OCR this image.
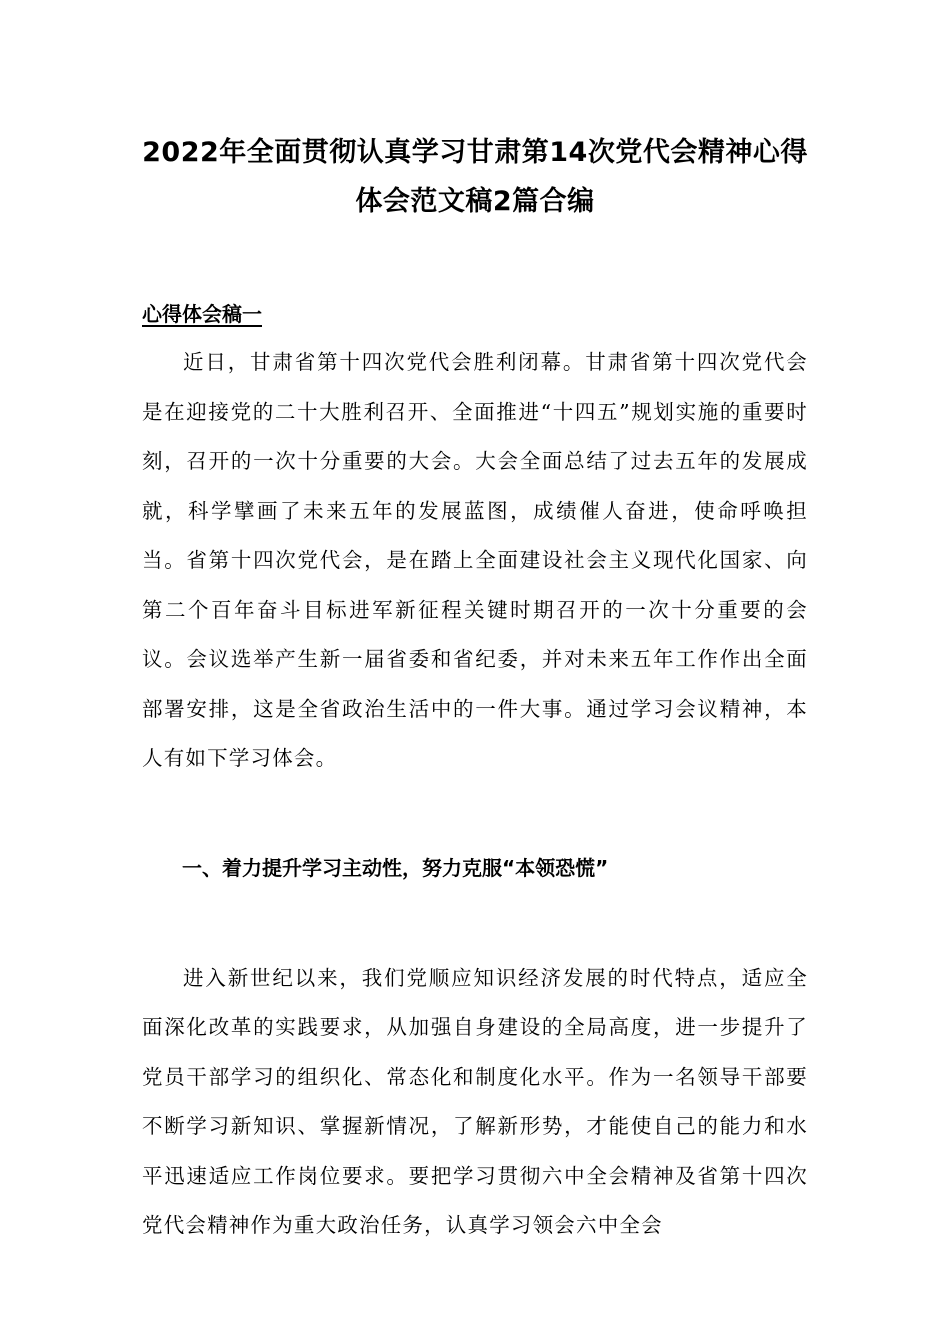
2022年全面贯彻认真学习甘肃第14次党代会精神心得体会范文稿2篇合编
心得体会稿一

近日，甘肃省第十四次党代会胜利闭幕。甘肃省第十四次党代会是在迎接党的二十大胜利召开、全面推进“十四五”规划实施的重要时刻，召开的一次十分重要的大会。大会全面总结了过去五年的发展成就，科学擘画了未来五年的发展蓝图，成绩催人奋进，使命呼唤担当。省第十四次党代会，是在踏上全面建设社会主义现代化国家、向第二个百年奋斗目标进军新征程关键时期召开的一次十分重要的会议。会议选举产生新一届省委和省纪委，并对未来五年工作作出全面部署安排，这是全省政治生活中的一件大事。通过学习会议精神，本人有如下学习体会。

一、着力提升学习主动性，努力克服“本领恐慌”

进入新世纪以来，我们党顺应知识经济发展的时代特点，适应全面深化改革的实践要求，从加强自身建设的全局高度，进一步提升了党员干部学习的组织化、常态化和制度化水平。作为一名领导干部要不断学习新知识、掌握新情况，了解新形势，才能使自己的能力和水平迅速适应工作岗位要求。要把学习贯彻六中全会精神及省第十四次党代会精神作为重大政治任务，认真学习领会六中全会
